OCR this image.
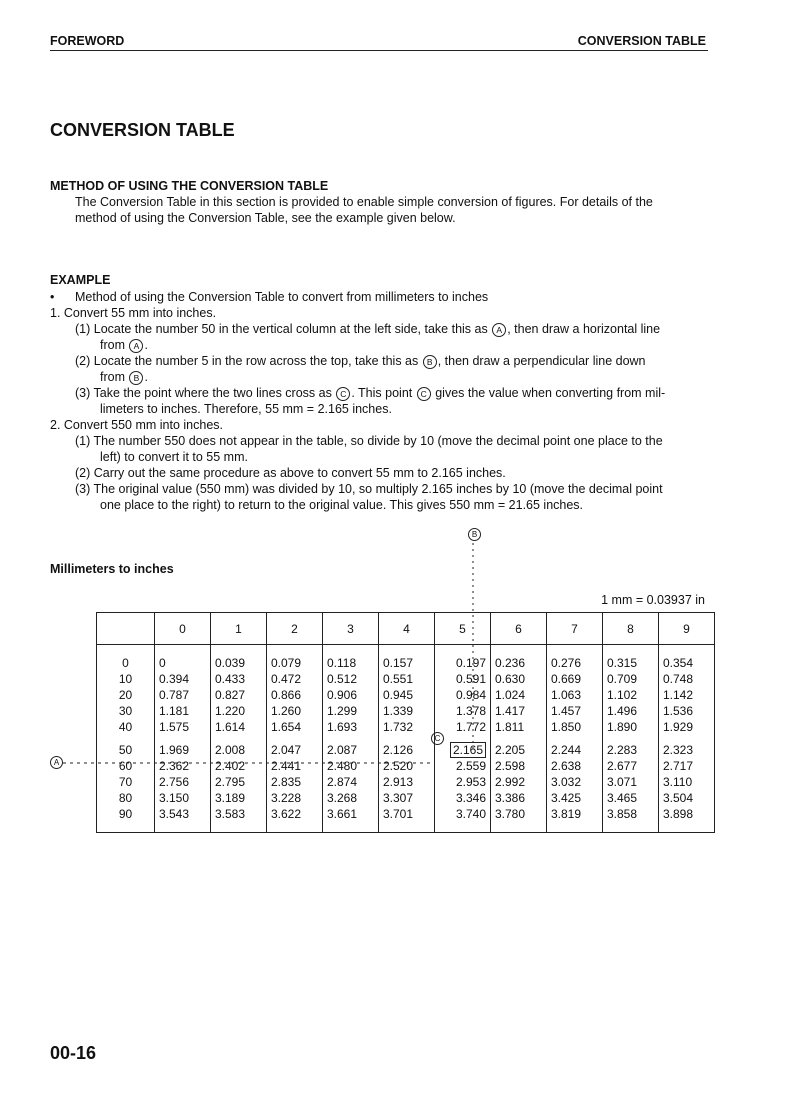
FOREWORD	CONVERSION TABLE
CONVERSION TABLE
METHOD OF USING THE CONVERSION TABLE
The Conversion Table in this section is provided to enable simple conversion of figures. For details of the
method of using the Conversion Table, see the example given below.
EXAMPLE
• Method of using the Conversion Table to convert from millimeters to inches
1. Convert 55 mm into inches.
(1) Locate the number 50 in the vertical column at the left side, take this as A , then draw a horizontal line
from A .
(2) Locate the number 5 in the row across the top, take this as B , then draw a perpendicular line down
from B .
(3) Take the point where the two lines cross as C . This point C gives the value when converting from mil-
limeters to inches. Therefore, 55 mm = 2.165 inches.
2. Convert 550 mm into inches.
(1) The number 550 does not appear in the table, so divide by 10 (move the decimal point one place to the
left) to convert it to 55 mm.
(2) Carry out the same procedure as above to convert 55 mm to 2.165 inches.
(3) The original value (550 mm) was divided by 10, so multiply 2.165 inches by 10 (move the decimal point
one place to the right) to return to the original value. This gives 550 mm = 21.65 inches.
Millimeters to inches
1 mm = 0.03937 in
B
	0	1	2	3	4	5	6	7	8	9
0	0	0.039	0.079	0.118	0.157	0.197	0.236	0.276	0.315	0.354
10	0.394	0.433	0.472	0.512	0.551	0.591	0.630	0.669	0.709	0.748
20	0.787	0.827	0.866	0.906	0.945	0.984	1.024	1.063	1.102	1.142
30	1.181	1.220	1.260	1.299	1.339	1.378	1.417	1.457	1.496	1.536
40	1.575	1.614	1.654	1.693	1.732	1.772	1.811	1.850	1.890	1.929
50	1.969	2.008	2.047	2.087	2.126	2.165	2.205	2.244	2.283	2.323
60	2.362	2.402	2.441	2.480	2.520	2.559	2.598	2.638	2.677	2.717
70	2.756	2.795	2.835	2.874	2.913	2.953	2.992	3.032	3.071	3.110
80	3.150	3.189	3.228	3.268	3.307	3.346	3.386	3.425	3.465	3.504
90	3.543	3.583	3.622	3.661	3.701	3.740	3.780	3.819	3.858	3.898
A
C
00-16
